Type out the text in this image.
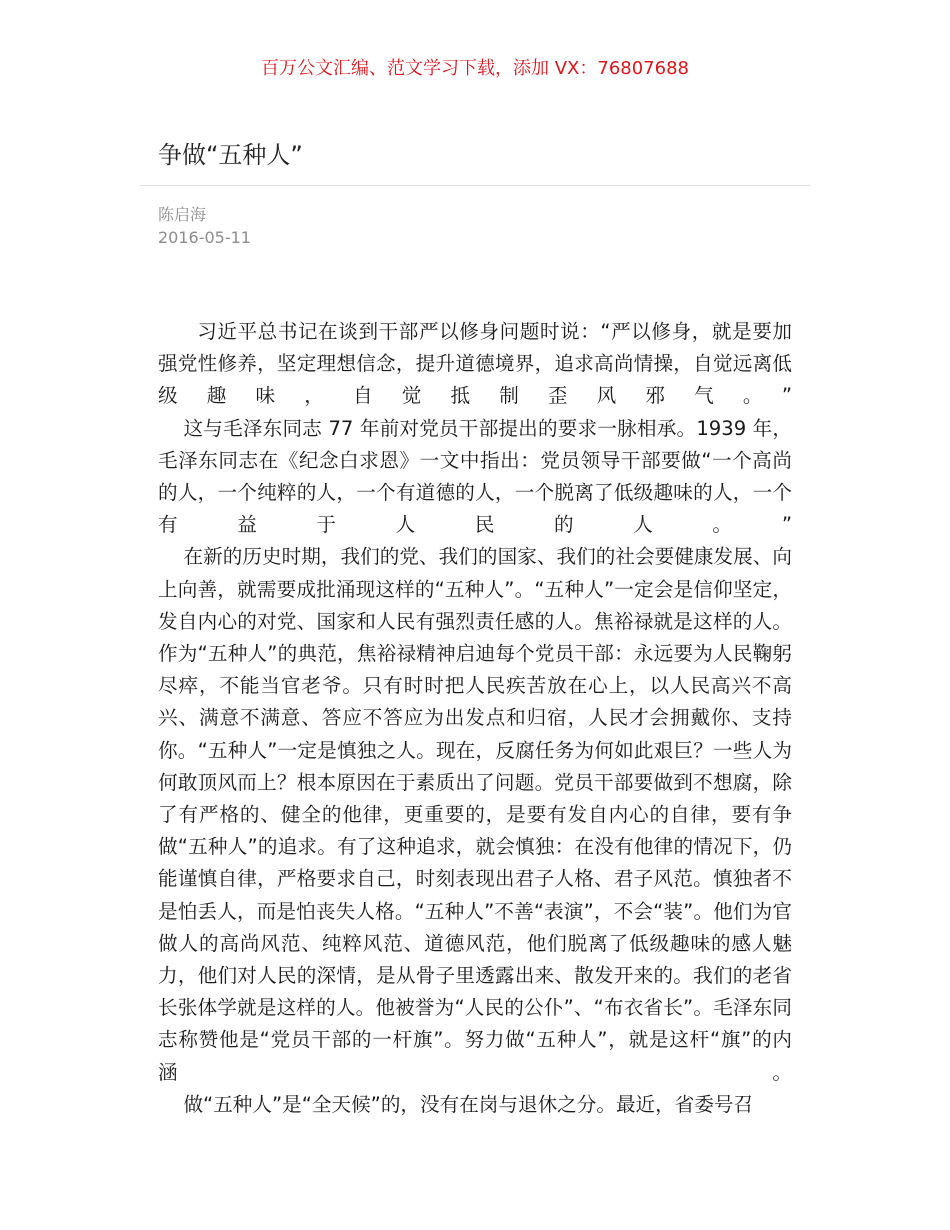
百万公文汇编、范文学习下载，添加 VX：76807688
争做“五种人”
陈启海
2016-05-11

习近平总书记在谈到干部严以修身问题时说：“严以修身，就是要加强党性修养，坚定理想信念，提升道德境界，追求高尚情操，自觉远离低级趣味，自觉抵制歪风邪气。”

这与毛泽东同志 77 年前对党员干部提出的要求一脉相承。1939 年，毛泽东同志在《纪念白求恩》一文中指出：党员领导干部要做“一个高尚的人，一个纯粹的人，一个有道德的人，一个脱离了低级趣味的人，一个有益于人民的人。”

在新的历史时期，我们的党、我们的国家、我们的社会要健康发展、向上向善，就需要成批涌现这样的“五种人”。“五种人”一定会是信仰坚定，发自内心的对党、国家和人民有强烈责任感的人。焦裕禄就是这样的人。作为“五种人”的典范，焦裕禄精神启迪每个党员干部：永远要为人民鞠躬尽瘁，不能当官老爷。只有时时把人民疾苦放在心上，以人民高兴不高兴、满意不满意、答应不答应为出发点和归宿，人民才会拥戴你、支持你。“五种人”一定是慎独之人。现在，反腐任务为何如此艰巨？一些人为何敢顶风而上？根本原因在于素质出了问题。党员干部要做到不想腐，除了有严格的、健全的他律，更重要的，是要有发自内心的自律，要有争做“五种人”的追求。有了这种追求，就会慎独：在没有他律的情况下，仍能谨慎自律，严格要求自己，时刻表现出君子人格、君子风范。慎独者不是怕丢人，而是怕丧失人格。“五种人”不善“表演”，不会“装”。他们为官做人的高尚风范、纯粹风范、道德风范，他们脱离了低级趣味的感人魅力，他们对人民的深情，是从骨子里透露出来、散发开来的。我们的老省长张体学就是这样的人。他被誉为“人民的公仆”、“布衣省长”。毛泽东同志称赞他是“党员干部的一杆旗”。努力做“五种人”，就是这杆“旗”的内涵。

做“五种人”是“全天候”的，没有在岗与退休之分。最近，省委号召
